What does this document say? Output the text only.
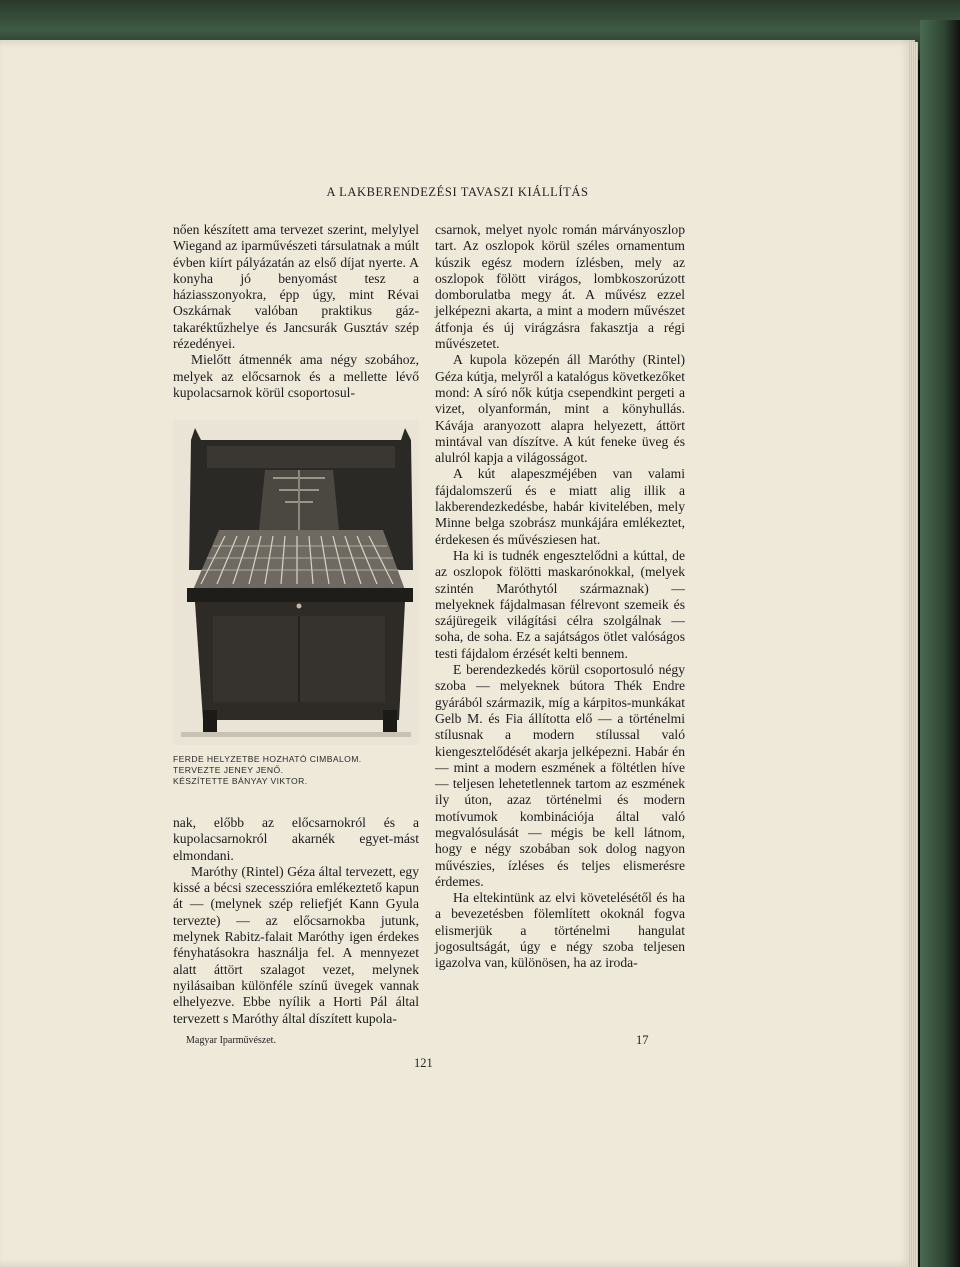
A LAKBERENDEZÉSI TAVASZI KIÁLLÍTÁS

nően készített ama tervezet szerint, melylyel Wiegand az iparművészeti társulatnak a múlt évben kiírt pályázatán az első díjat nyerte. A konyha jó benyomást tesz a háziasszonyokra, épp úgy, mint Révai Oszkárnak valóban praktikus gáz-takaréktűzhelye és Jancsurák Gusztáv szép rézedényei.

Mielőtt átmennék ama négy szobához, melyek az előcsarnok és a mellette lévő kupolacsarnok körül csoportosul-

FERDE HELYZETBE HOZHATÓ CIMBALOM.
TERVEZTE JENEY JENŐ.
KÉSZÍTETTE BÁNYAY VIKTOR.

nak, előbb az előcsarnokról és a kupolacsarnokról akarnék egyet-mást elmondani.

Maróthy (Rintel) Géza által tervezett, egy kissé a bécsi szecesszióra emlékeztető kapun át — (melynek szép reliefjét Kann Gyula tervezte) — az előcsarnokba jutunk, melynek Rabitz-falait Maróthy igen érdekes fényhatásokra használja fel. A mennyezet alatt áttört szalagot vezet, melynek nyilásaiban különféle színű üvegek vannak elhelyezve. Ebbe nyílik a Horti Pál által tervezett s Maróthy által díszített kupola-

csarnok, melyet nyolc román márványoszlop tart. Az oszlopok körül széles ornamentum kúszik egész modern ízlésben, mely az oszlopok fölött virágos, lombkoszorúzott domborulatba megy át. A művész ezzel jelképezni akarta, a mint a modern művészet átfonja és új virágzásra fakasztja a régi művészetet.

A kupola közepén áll Maróthy (Rintel) Géza kútja, melyről a katalógus következőket mond: A síró nők kútja csependkint pergeti a vizet, olyanformán, mint a könyhullás. Kávája aranyozott alapra helyezett, áttört mintával van díszítve. A kút feneke üveg és alulról kapja a világosságot.

A kút alapeszméjében van valami fájdalomszerű és e miatt alig illik a lakberendezkedésbe, habár kivitelében, mely Minne belga szobrász munkájára emlékeztet, érdekesen és művésziesen hat.

Ha ki is tudnék engesztelődni a kúttal, de az oszlopok fölötti maskarónokkal, (melyek szintén Maróthytól származnak) — melyeknek fájdalmasan félrevont szemeik és szájüregeik világítási célra szolgálnak — soha, de soha. Ez a sajátságos ötlet valóságos testi fájdalom érzését kelti bennem.

E berendezkedés körül csoportosuló négy szoba — melyeknek bútora Thék Endre gyárából származik, míg a kárpitos-munkákat Gelb M. és Fia állította elő — a történelmi stílusnak a modern stílussal való kiengesztelődését akarja jelképezni. Habár én — mint a modern eszmének a föltétlen híve — teljesen lehetetlennek tartom az eszmének ily úton, azaz történelmi és modern motívumok kombinációja által való megvalósulását — mégis be kell látnom, hogy e négy szobában sok dolog nagyon művészies, ízléses és teljes elismerésre érdemes.

Ha eltekintünk az elvi követelésétől és ha a bevezetésben fölemlített okoknál fogva elismerjük a történelmi hangulat jogosultságát, úgy e négy szoba teljesen igazolva van, különösen, ha az iroda-

Magyar Iparművészet.
121
17
